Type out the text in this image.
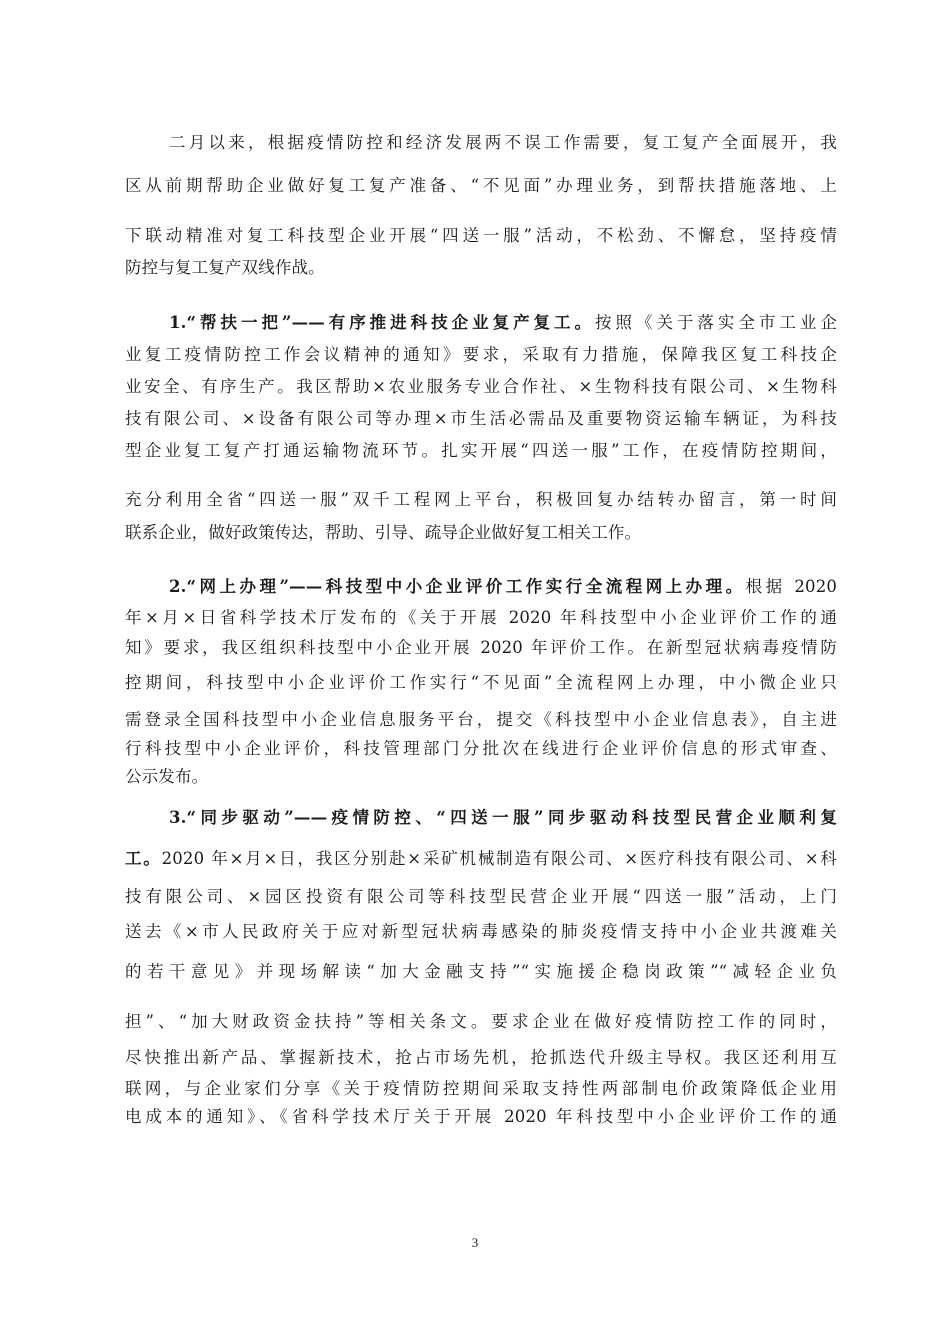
二月以来，根据疫情防控和经济发展两不误工作需要，复工复产全面展开，我
区从前期帮助企业做好复工复产准备、“不见面”办理业务，到帮扶措施落地、上
下联动精准对复工科技型企业开展“四送一服”活动，不松劲、不懈怠，坚持疫情
防控与复工复产双线作战。
1.“帮扶一把”——有序推进科技企业复产复工。按照《关于落实全市工业企
业复工疫情防控工作会议精神的通知》要求，采取有力措施，保障我区复工科技企
业安全、有序生产。我区帮助×农业服务专业合作社、×生物科技有限公司、×生物科
技有限公司、×设备有限公司等办理×市生活必需品及重要物资运输车辆证，为科技
型企业复工复产打通运输物流环节。扎实开展“四送一服”工作，在疫情防控期间，
充分利用全省“四送一服”双千工程网上平台，积极回复办结转办留言，第一时间
联系企业，做好政策传达，帮助、引导、疏导企业做好复工相关工作。
2.“网上办理”——科技型中小企业评价工作实行全流程网上办理。根据 2020
年×月×日省科学技术厅发布的《关于开展 2020 年科技型中小企业评价工作的通
知》要求，我区组织科技型中小企业开展 2020 年评价工作。在新型冠状病毒疫情防
控期间，科技型中小企业评价工作实行“不见面”全流程网上办理，中小微企业只
需登录全国科技型中小企业信息服务平台，提交《科技型中小企业信息表》，自主进
行科技型中小企业评价，科技管理部门分批次在线进行企业评价信息的形式审查、
公示发布。
3.“同步驱动”——疫情防控、“四送一服”同步驱动科技型民营企业顺利复
工。2020 年×月×日，我区分别赴×采矿机械制造有限公司、×医疗科技有限公司、×科
技有限公司、×园区投资有限公司等科技型民营企业开展“四送一服”活动，上门
送去《×市人民政府关于应对新型冠状病毒感染的肺炎疫情支持中小企业共渡难关
的若干意见》并现场解读“加大金融支持”“实施援企稳岗政策”“减轻企业负
担”、“加大财政资金扶持”等相关条文。要求企业在做好疫情防控工作的同时，
尽快推出新产品、掌握新技术，抢占市场先机，抢抓迭代升级主导权。我区还利用互
联网，与企业家们分享《关于疫情防控期间采取支持性两部制电价政策降低企业用
电成本的通知》、《省科学技术厅关于开展 2020 年科技型中小企业评价工作的通
3
